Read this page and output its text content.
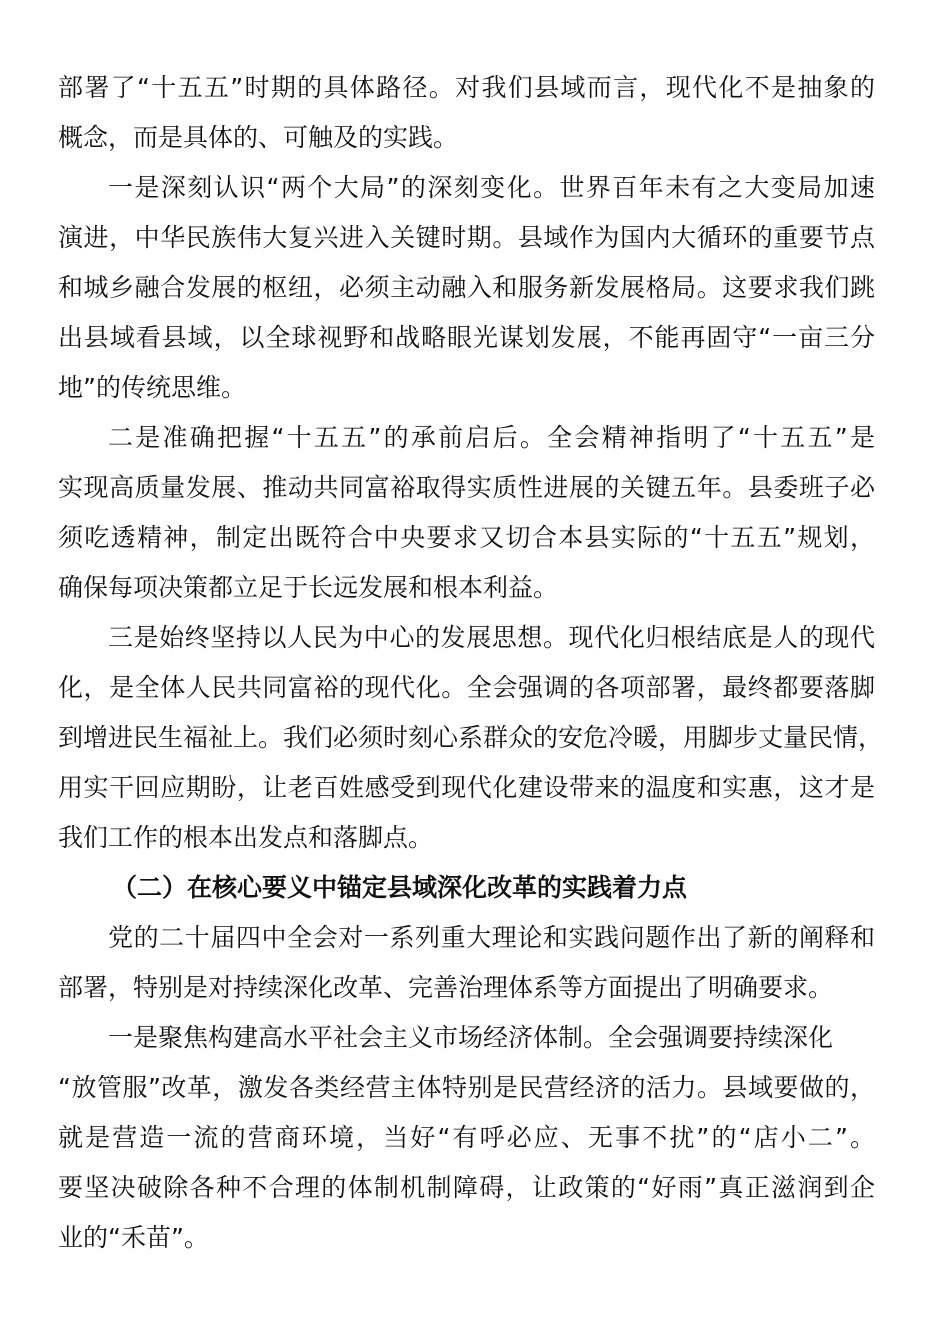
部署了“十五五”时期的具体路径。对我们县域而言，现代化不是抽象的
概念，而是具体的、可触及的实践。
一是深刻认识“两个大局”的深刻变化。世界百年未有之大变局加速
演进，中华民族伟大复兴进入关键时期。县域作为国内大循环的重要节点
和城乡融合发展的枢纽，必须主动融入和服务新发展格局。这要求我们跳
出县域看县域，以全球视野和战略眼光谋划发展，不能再固守“一亩三分
地”的传统思维。
二是准确把握“十五五”的承前启后。全会精神指明了“十五五”是
实现高质量发展、推动共同富裕取得实质性进展的关键五年。县委班子必
须吃透精神，制定出既符合中央要求又切合本县实际的“十五五”规划，
确保每项决策都立足于长远发展和根本利益。
三是始终坚持以人民为中心的发展思想。现代化归根结底是人的现代
化，是全体人民共同富裕的现代化。全会强调的各项部署，最终都要落脚
到增进民生福祉上。我们必须时刻心系群众的安危冷暖，用脚步丈量民情，
用实干回应期盼，让老百姓感受到现代化建设带来的温度和实惠，这才是
我们工作的根本出发点和落脚点。
（二）在核心要义中锚定县域深化改革的实践着力点
党的二十届四中全会对一系列重大理论和实践问题作出了新的阐释和
部署，特别是对持续深化改革、完善治理体系等方面提出了明确要求。
一是聚焦构建高水平社会主义市场经济体制。全会强调要持续深化
“放管服”改革，激发各类经营主体特别是民营经济的活力。县域要做的，
就是营造一流的营商环境，当好“有呼必应、无事不扰”的“店小二”。
要坚决破除各种不合理的体制机制障碍，让政策的“好雨”真正滋润到企
业的“禾苗”。
